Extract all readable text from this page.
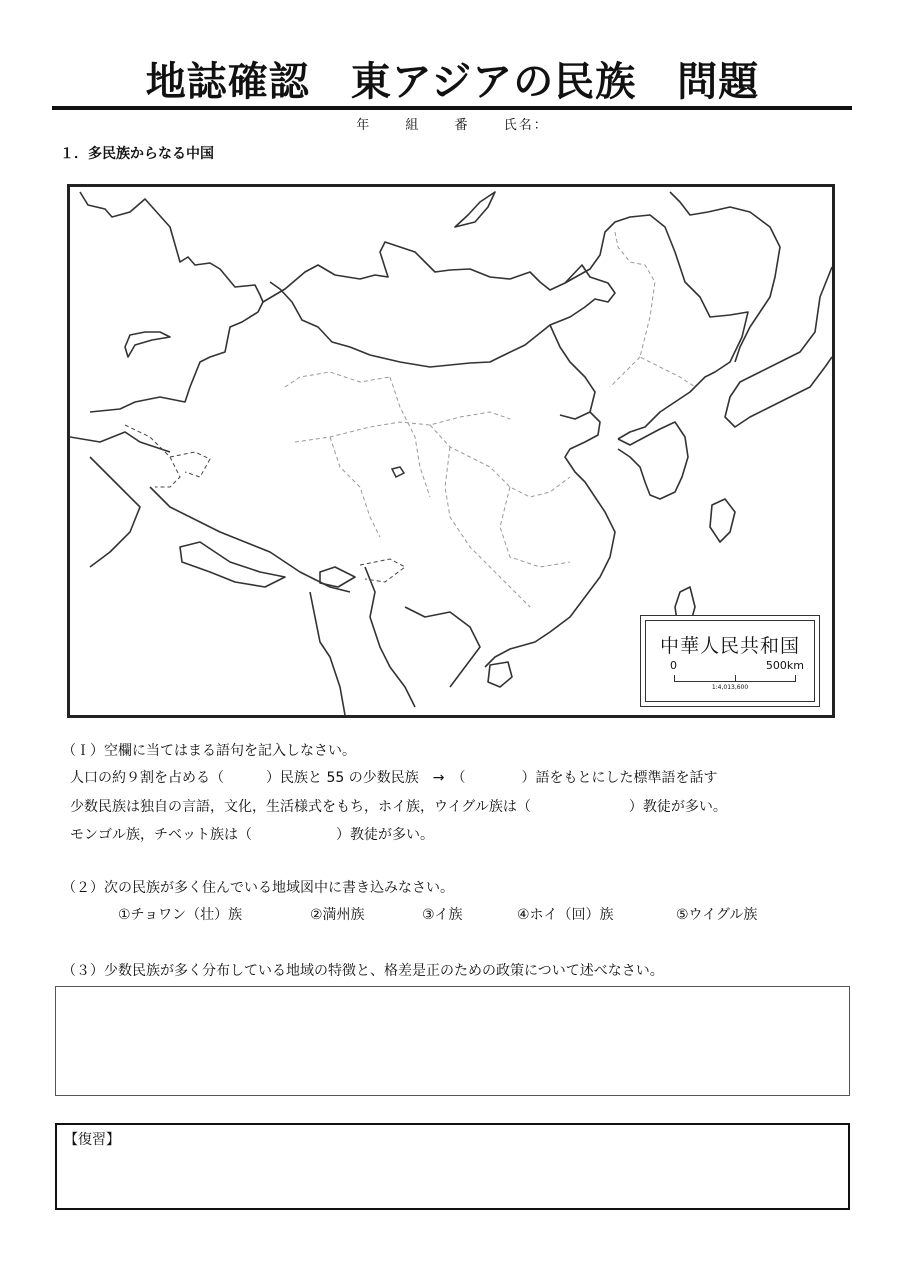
地誌確認　東アジアの民族　問題
年	組	番	氏名：
１．多民族からなる中国
中華人民共和国
0	500km
1:4,013,600
（Ｉ）空欄に当てはまる語句を記入しなさい。
人口の約９割を占める（　　　）民族と 55 の少数民族　→　（　　　　）語をもとにした標準語を話す
少数民族は独自の言語，文化，生活様式をもち，ホイ族，ウイグル族は（　　　　　　　）教徒が多い。
モンゴル族，チベット族は（　　　　　　）教徒が多い。
（２）次の民族が多く住んでいる地域図中に書き込みなさい。
①チョワン（壮）族	②満州族	③イ族	④ホイ（回）族	⑤ウイグル族
（３）少数民族が多く分布している地域の特徴と、格差是正のための政策について述べなさい。
【復習】
